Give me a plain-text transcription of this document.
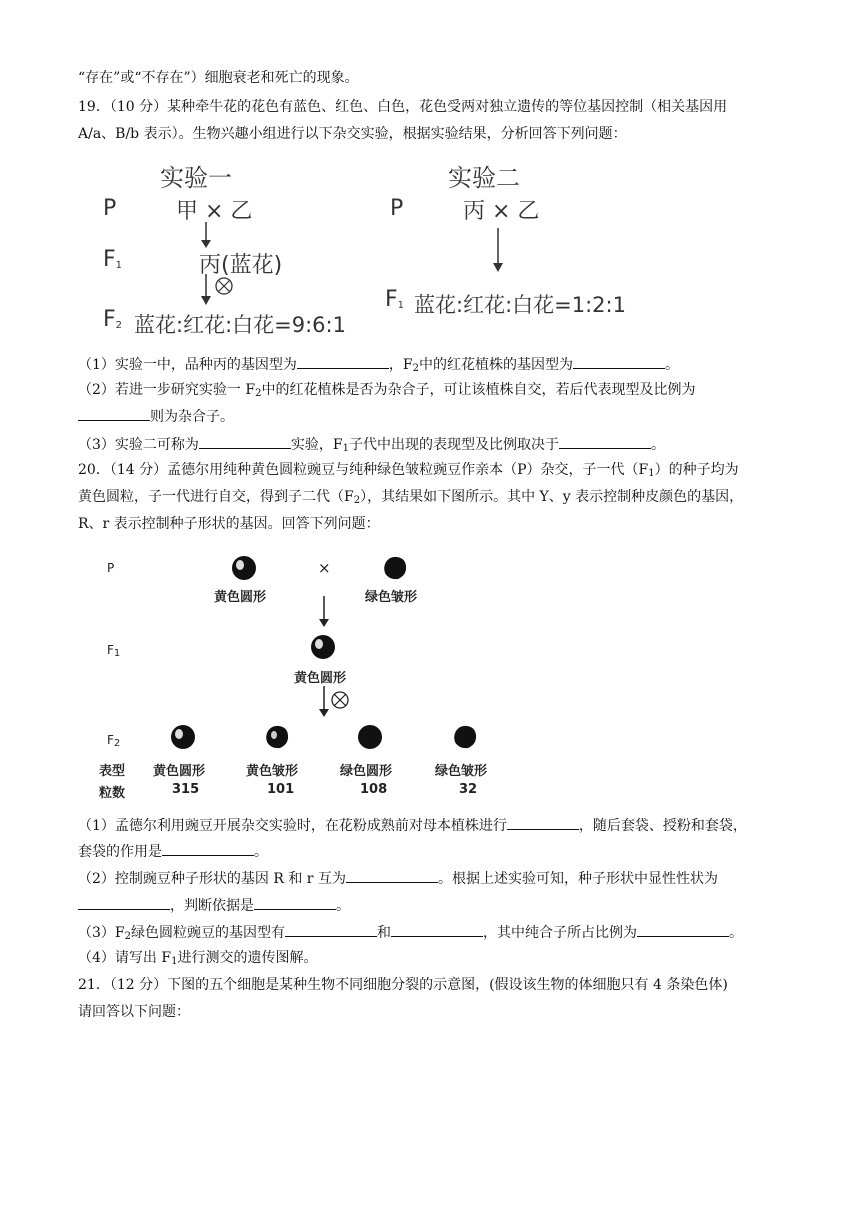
“存在”或“不存在”）细胞衰老和死亡的现象。
19．（10 分）某种牵牛花的花色有蓝色、红色、白色，花色受两对独立遗传的等位基因控制（相关基因用
A/a、B/b 表示）。生物兴趣小组进行以下杂交实验，根据实验结果，分析回答下列问题：
实验一
P	甲 × 乙
$F_1$	丙(蓝花)
$F_2$ 蓝花:红花:白花=9:6:1
实验二
P	丙 × 乙
$F_1$ 蓝花:红花:白花=1:2:1
（1）实验一中，品种丙的基因型为	，$F_2$中的红花植株的基因型为	。
（2）若进一步研究实验一 $F_2$中的红花植株是否为杂合子，可让该植株自交，若后代表现型及比例为
则为杂合子。
（3）实验二可称为	实验，$F_1$子代中出现的表现型及比例取决于	。
20．（14 分）孟德尔用纯种黄色圆粒豌豆与纯种绿色皱粒豌豆作亲本（P）杂交，子一代$(F_1)$的种子均为
黄色圆粒，子一代进行自交，得到子二代$(F_2)$，其结果如下图所示。其中 Y、y 表示控制种皮颜色的基因，
R、r 表示控制种子形状的基因。回答下列问题：
P	×
黄色圆形	绿色皱形
$F_1$
黄色圆形
$F_2$
表型 黄色圆形	黄色皱形	绿色圆形	绿色皱形
粒数	315	101	108	32
（1）孟德尔利用豌豆开展杂交实验时，在花粉成熟前对母本植株进行	，随后套袋、授粉和套袋，
套袋的作用是	。
（2）控制豌豆种子形状的基因 R 和 r 互为	。根据上述实验可知，种子形状中显性性状为
，判断依据是	。
$(3)F_2$绿色圆粒豌豆的基因型有	和	，其中纯合子所占比例为	。
（4）请写出 $F_1$进行测交的遗传图解。
21．（12 分）下图的五个细胞是某种生物不同细胞分裂的示意图，(假设该生物的体细胞只有 4 条染色体)
请回答以下问题：
